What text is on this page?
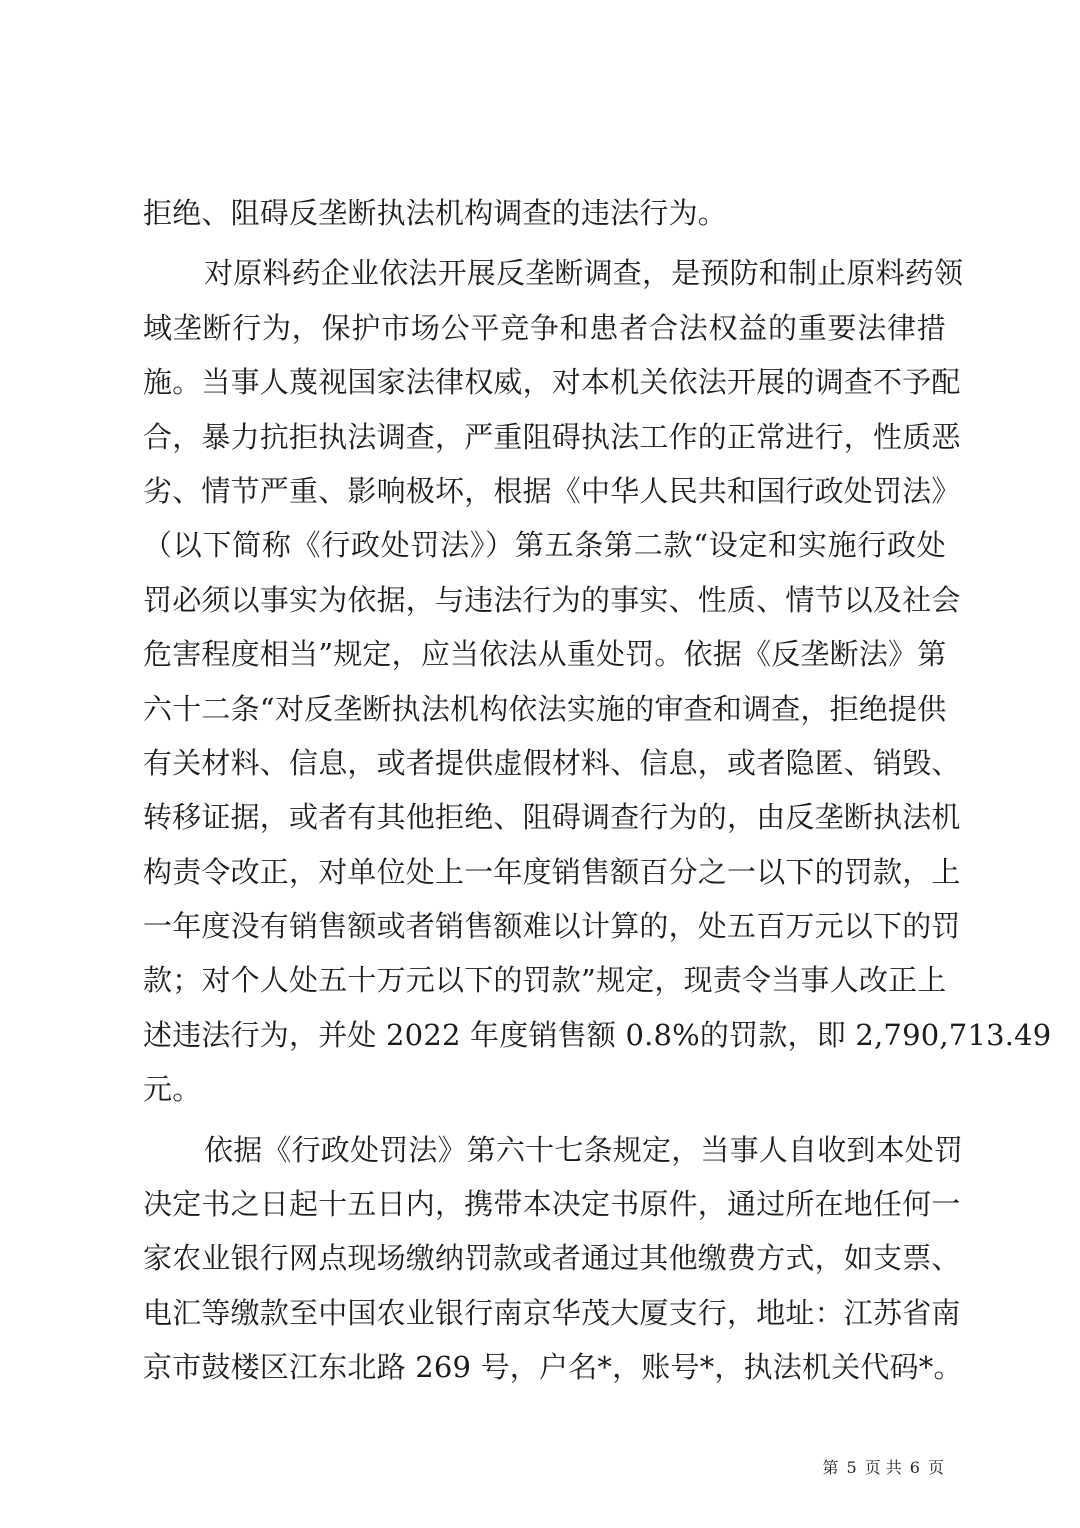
拒绝、阻碍反垄断执法机构调查的违法行为。
对原料药企业依法开展反垄断调查，是预防和制止原料药领
域垄断行为，保护市场公平竞争和患者合法权益的重要法律措
施。当事人蔑视国家法律权威，对本机关依法开展的调查不予配
合，暴力抗拒执法调查，严重阻碍执法工作的正常进行，性质恶
劣、情节严重、影响极坏，根据《中华人民共和国行政处罚法》
（以下简称《行政处罚法》）第五条第二款“设定和实施行政处
罚必须以事实为依据，与违法行为的事实、性质、情节以及社会
危害程度相当”规定，应当依法从重处罚。依据《反垄断法》第
六十二条“对反垄断执法机构依法实施的审查和调查，拒绝提供
有关材料、信息，或者提供虚假材料、信息，或者隐匿、销毁、
转移证据，或者有其他拒绝、阻碍调查行为的，由反垄断执法机
构责令改正，对单位处上一年度销售额百分之一以下的罚款，上
一年度没有销售额或者销售额难以计算的，处五百万元以下的罚
款；对个人处五十万元以下的罚款”规定，现责令当事人改正上
述违法行为，并处 2022 年度销售额 0.8%的罚款，即 2,790,713.49
元。
依据《行政处罚法》第六十七条规定，当事人自收到本处罚
决定书之日起十五日内，携带本决定书原件，通过所在地任何一
家农业银行网点现场缴纳罚款或者通过其他缴费方式，如支票、
电汇等缴款至中国农业银行南京华茂大厦支行，地址：江苏省南
京市鼓楼区江东北路 269 号，户名*，账号*，执法机关代码*。
第 5 页 共 6 页
